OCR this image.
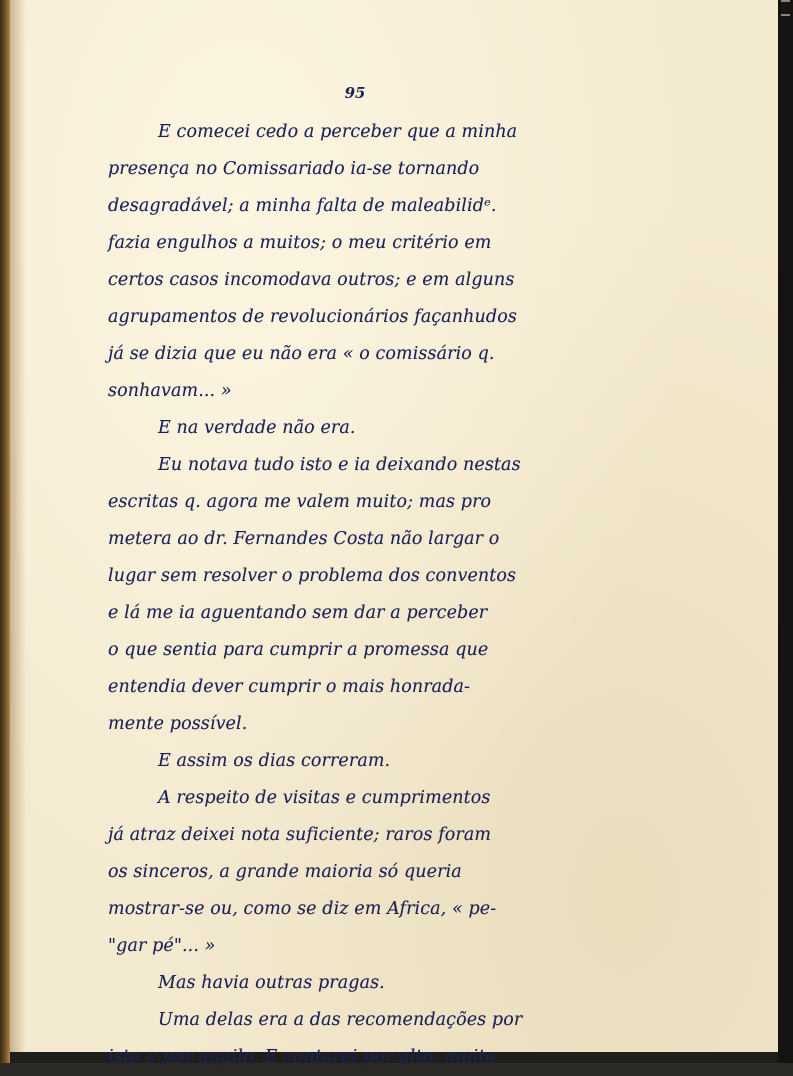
95
E comecei cedo a perceber que a minha
presença no Comissariado ia-se tornando
desagradável; a minha falta de maleabilidᵉ.
fazia engulhos a muitos; o meu critério em
certos casos incomodava outros; e em alguns
agrupamentos de revolucionários façanhudos
já se dizia que eu não era « o comissário q.
sonhavam... »
E na verdade não era.
Eu notava tudo isto e ia deixando nestas
escritas q. agora me valem muito; mas pro
metera ao dr. Fernandes Costa não largar o
lugar sem resolver o problema dos conventos
e lá me ia aguentando sem dar a perceber
o que sentia para cumprir a promessa que
entendia dever cumprir o mais honrada-
mente possível.
E assim os dias correram.
A respeito de visitas e cumprimentos
já atraz deixei nota suficiente; raros foram
os sinceros, a grande maioria só queria
mostrar-se ou, como se diz em Africa, « pe-
"gar pé"... »
Mas havia outras pragas.
Uma delas era a das recomendações por
isto e por aquilo. E contarei por alto, muito
